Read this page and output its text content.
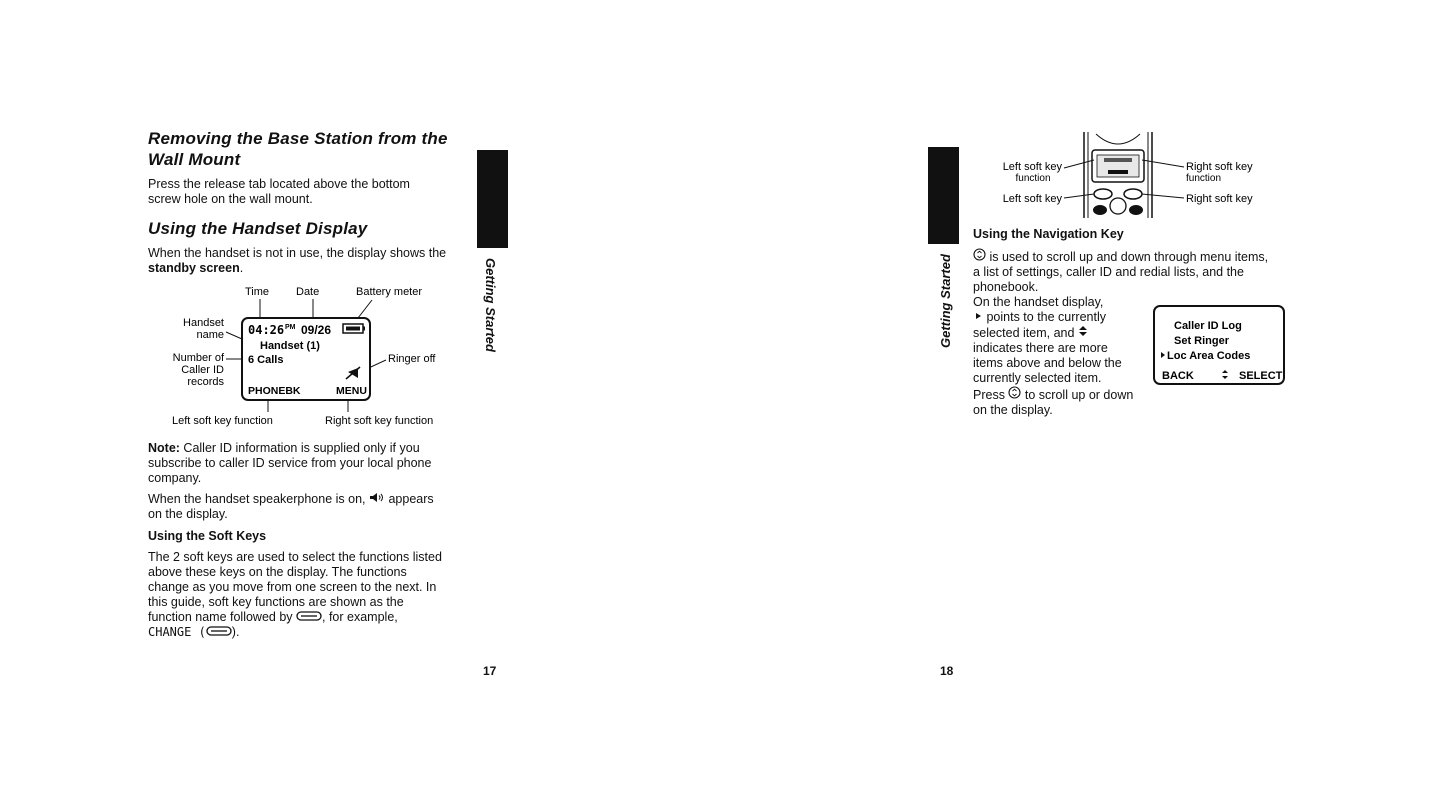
Removing the Base Station from the
Wall Mount
Press the release tab located above the bottom
screw hole on the wall mount.
Using the Handset Display
When the handset is not in use, the display shows the
standby screen.
Time Date	Battery meter
Handset
name
Number of
Caller ID
records
Ringer off
Left soft key function	Right soft key function
04:26 PM 09/26
Handset (1)
6 Calls
PHONEBK	MENU
Note: Caller ID information is supplied only if you
subscribe to caller ID service from your local phone
company.
When the handset speakerphone is on,  appears
on the display.
Using the Soft Keys
The 2 soft keys are used to select the functions listed
above these keys on the display. The functions
change as you move from one screen to the next. In
this guide, soft key functions are shown as the
function name followed by , for example,
CHANGE ( ).
Getting Started
17
Getting Started
Left soft key
function
Left soft key
Right soft key
function
Right soft key
Using the Navigation Key
is used to scroll up and down through menu items,
a list of settings, caller ID and redial lists, and the
phonebook.
On the handset display,
points to the currently
selected item, and
indicates there are more
items above and below the
currently selected item.
Press  to scroll up or down
on the display.
Caller ID Log
Set Ringer
Loc Area Codes
BACK	SELECT
18
